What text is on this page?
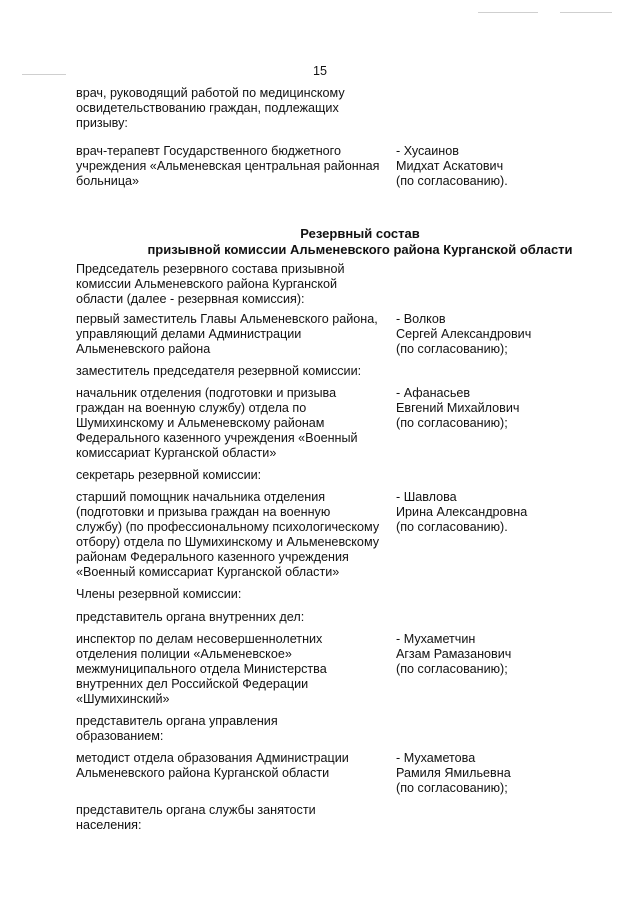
15
врач, руководящий работой по медицинскому
освидетельствованию граждан, подлежащих
призыву:
врач-терапевт Государственного бюджетного
учреждения «Альменевская центральная районная
больница»
- Хусаинов
Мидхат Аскатович
(по согласованию).
Резервный состав
призывной комиссии Альменевского района Курганской области
Председатель резервного состава призывной
комиссии Альменевского района Курганской
области (далее - резервная комиссия):
первый заместитель Главы Альменевского района,
управляющий делами Администрации
Альменевского района
- Волков
Сергей Александрович
(по согласованию);
заместитель председателя резервной комиссии:
начальник отделения (подготовки и призыва
граждан на военную службу) отдела по
Шумихинскому и Альменевскому районам
Федерального казенного учреждения «Военный
комиссариат Курганской области»
- Афанасьев
Евгений Михайлович
(по согласованию);
секретарь резервной комиссии:
старший помощник начальника отделения
(подготовки и призыва граждан на военную
службу) (по профессиональному психологическому
отбору) отдела по Шумихинскому и Альменевскому
районам Федерального казенного учреждения
«Военный комиссариат Курганской области»
- Шавлова
Ирина Александровна
(по согласованию).
Члены резервной комиссии:
представитель органа внутренних дел:
инспектор по делам несовершеннолетних
отделения полиции «Альменевское»
межмуниципального отдела Министерства
внутренних дел Российской Федерации
«Шумихинский»
- Мухаметчин
Агзам Рамазанович
(по согласованию);
представитель органа управления
образованием:
методист отдела образования Администрации
Альменевского района Курганской области
- Мухаметова
Рамиля Ямильевна
(по согласованию);
представитель органа службы занятости
населения:
